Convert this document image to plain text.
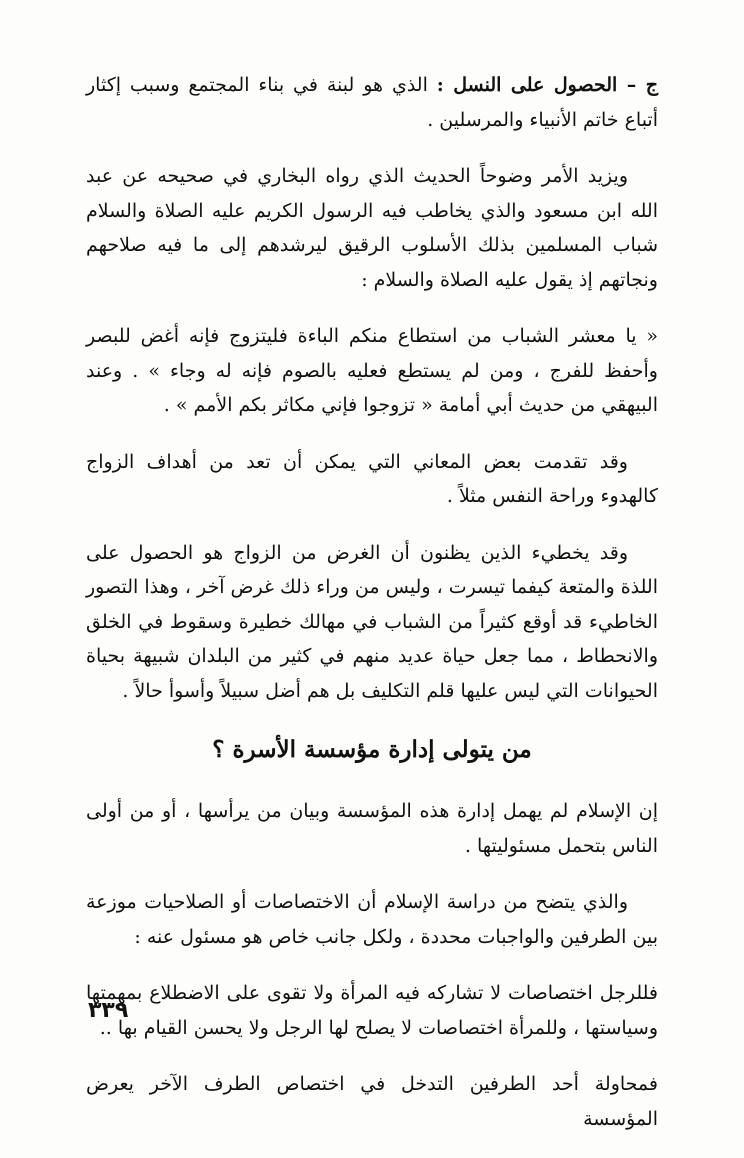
ج – الحصول على النسل : الذي هو لبنة في بناء المجتمع وسبب إكثار أتباع خاتم الأنبياء والمرسلين .

ويزيد الأمر وضوحاً الحديث الذي رواه البخاري في صحيحه عن عبد الله ابن مسعود والذي يخاطب فيه الرسول الكريم عليه الصلاة والسلام شباب المسلمين بذلك الأسلوب الرقيق ليرشدهم إلى ما فيه صلاحهم ونجاتهم إذ يقول عليه الصلاة والسلام :

« يا معشر الشباب من استطاع منكم الباءة فليتزوج فإنه أغض للبصر وأحفظ للفرج ، ومن لم يستطع فعليه بالصوم فإنه له وجاء » . وعند البيهقي من حديث أبي أمامة « تزوجوا فإني مكاثر بكم الأمم » .

وقد تقدمت بعض المعاني التي يمكن أن تعد من أهداف الزواج كالهدوء وراحة النفس مثلاً .

وقد يخطيء الذين يظنون أن الغرض من الزواج هو الحصول على اللذة والمتعة كيفما تيسرت ، وليس من وراء ذلك غرض آخر ، وهذا التصور الخاطيء قد أوقع كثيراً من الشباب في مهالك خطيرة وسقوط في الخلق والانحطاط ، مما جعل حياة عديد منهم في كثير من البلدان شبيهة بحياة الحيوانات التي ليس عليها قلم التكليف بل هم أضل سبيلاً وأسوأ حالاً .

من يتولى إدارة مؤسسة الأسرة ؟

إن الإسلام لم يهمل إدارة هذه المؤسسة وبيان من يرأسها ، أو من أولى الناس بتحمل مسئوليتها .

والذي يتضح من دراسة الإسلام أن الاختصاصات أو الصلاحيات موزعة بين الطرفين والواجبات محددة ، ولكل جانب خاص هو مسئول عنه :

فللرجل اختصاصات لا تشاركه فيه المرأة ولا تقوى على الاضطلاع بمهمتها وسياستها ، وللمرأة اختصاصات لا يصلح لها الرجل ولا يحسن القيام بها ..

فمحاولة أحد الطرفين التدخل في اختصاص الطرف الآخر يعرض المؤسسة

٣٣٩
